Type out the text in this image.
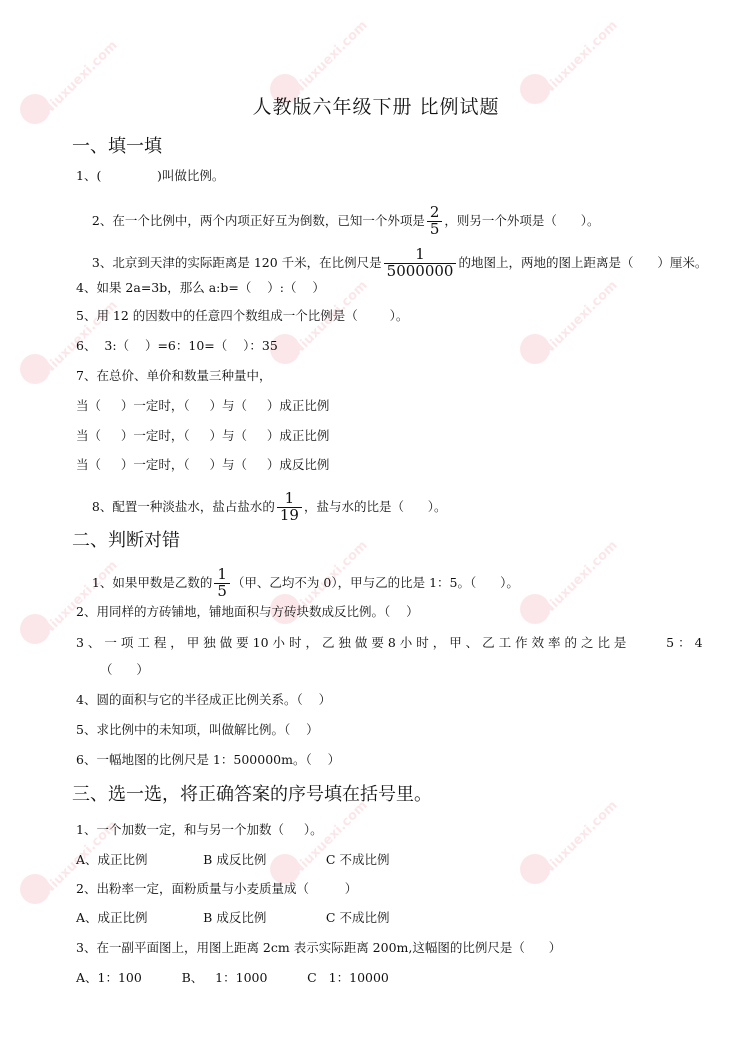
Niuxuexi.com	Niuxuexi.com	Niuxuexi.com
Niuxuexi.com	Niuxuexi.com	Niuxuexi.com
Niuxuexi.com	Niuxuexi.com	Niuxuexi.com
Niuxuexi.com	Niuxuexi.com	Niuxuexi.com
人教版六年级下册 比例试题
一、填一填
1、(              )叫做比例。

2、在一个比例中，两个内项正好互为倒数，已知一个外项是 $\frac{2}{5}$ ，则另一个外项是（      ）。

3、北京到天津的实际距离是 120 千米，在比例尺是 $\frac{1}{5000000}$ 的地图上，两地的图上距离是（      ）厘米。

4、如果 2a=3b，那么 a:b=（    ）:（    ）
5、用 12 的因数中的任意四个数组成一个比例是（        ）。
6、  3:（    ）=6：10=（    ）：35
7、在总价、单价和数量三种量中，
当（     ）一定时，（     ）与（     ）成正比例
当（     ）一定时，（     ）与（     ）成正比例
当（     ）一定时，（     ）与（     ）成反比例

8、配置一种淡盐水，盐占盐水的 $\frac{1}{19}$ ，盐与水的比是（      ）。

二、判断对错

1、如果甲数是乙数的 $\frac{1}{5}$ （甲、乙均不为 0），甲与乙的比是 1：5。（      ）。

2、用同样的方砖铺地，铺地面积与方砖块数成反比例。（    ）
3 、 一 项 工 程 ， 甲 独 做 要 10 小 时 ， 乙 独 做 要 8 小 时 ， 甲 、 乙 工 作 效 率 的 之 比 是          5 ： 4
（      ）
4、圆的面积与它的半径成正比例关系。（    ）
5、求比例中的未知项，叫做解比例。（    ）
6、一幅地图的比例尺是 1：500000m。（    ）
三、选一选，将正确答案的序号填在括号里。
1、一个加数一定，和与另一个加数（     ）。
A、成正比例              B 成反比例               C 不成比例
2、出粉率一定，面粉质量与小麦质量成（         ）
A、成正比例              B 成反比例               C 不成比例
3、在一副平面图上，用图上距离 2cm 表示实际距离 200m,这幅图的比例尺是（      ）
A、1：100          B、   1：1000          C   1：10000
